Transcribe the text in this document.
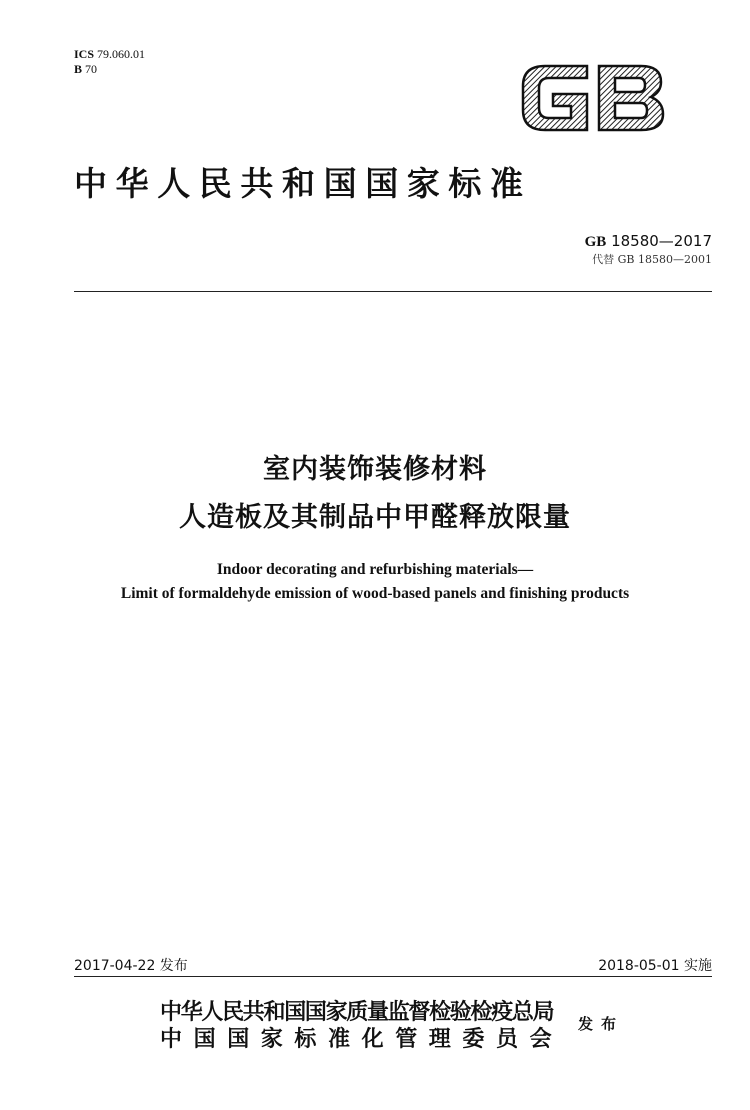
ICS 79.060.01
B 70
中华人民共和国国家标准
GB 18580—2017
代替 GB 18580—2001
室内装饰装修材料
人造板及其制品中甲醛释放限量
Indoor decorating and refurbishing materials—
Limit of formaldehyde emission of wood-based panels and finishing products
2017-04-22 发布	2018-05-01 实施
中华人民共和国国家质量监督检验检疫总局
中国国家标准化管理委员会
发布
